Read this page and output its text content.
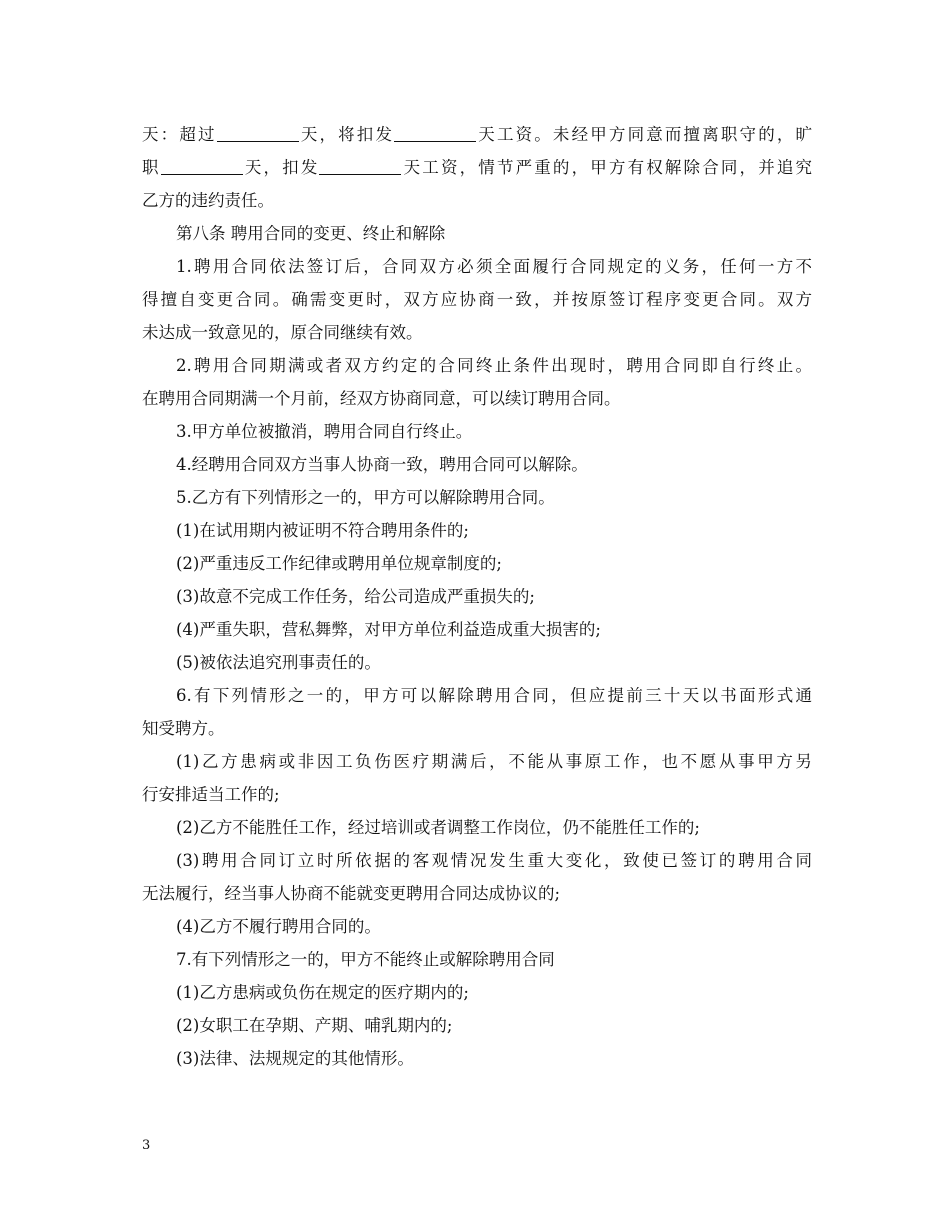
天：超过	天，将扣发	天工资。未经甲方同意而擅离职守的，旷
职	天，扣发	天工资，情节严重的，甲方有权解除合同，并追究
乙方的违约责任。
第八条 聘用合同的变更、终止和解除
1.聘用合同依法签订后，合同双方必须全面履行合同规定的义务，任何一方不
得擅自变更合同。确需变更时，双方应协商一致，并按原签订程序变更合同。双方
未达成一致意见的，原合同继续有效。
2.聘用合同期满或者双方约定的合同终止条件出现时，聘用合同即自行终止。
在聘用合同期满一个月前，经双方协商同意，可以续订聘用合同。
3.甲方单位被撤消，聘用合同自行终止。
4.经聘用合同双方当事人协商一致，聘用合同可以解除。
5.乙方有下列情形之一的，甲方可以解除聘用合同。
(1)在试用期内被证明不符合聘用条件的;
(2)严重违反工作纪律或聘用单位规章制度的;
(3)故意不完成工作任务，给公司造成严重损失的;
(4)严重失职，营私舞弊，对甲方单位利益造成重大损害的;
(5)被依法追究刑事责任的。
6.有下列情形之一的，甲方可以解除聘用合同，但应提前三十天以书面形式通
知受聘方。
(1)乙方患病或非因工负伤医疗期满后，不能从事原工作，也不愿从事甲方另
行安排适当工作的;
(2)乙方不能胜任工作，经过培训或者调整工作岗位，仍不能胜任工作的;
(3)聘用合同订立时所依据的客观情况发生重大变化，致使已签订的聘用合同
无法履行，经当事人协商不能就变更聘用合同达成协议的;
(4)乙方不履行聘用合同的。
7.有下列情形之一的，甲方不能终止或解除聘用合同
(1)乙方患病或负伤在规定的医疗期内的;
(2)女职工在孕期、产期、哺乳期内的;
(3)法律、法规规定的其他情形。
3
